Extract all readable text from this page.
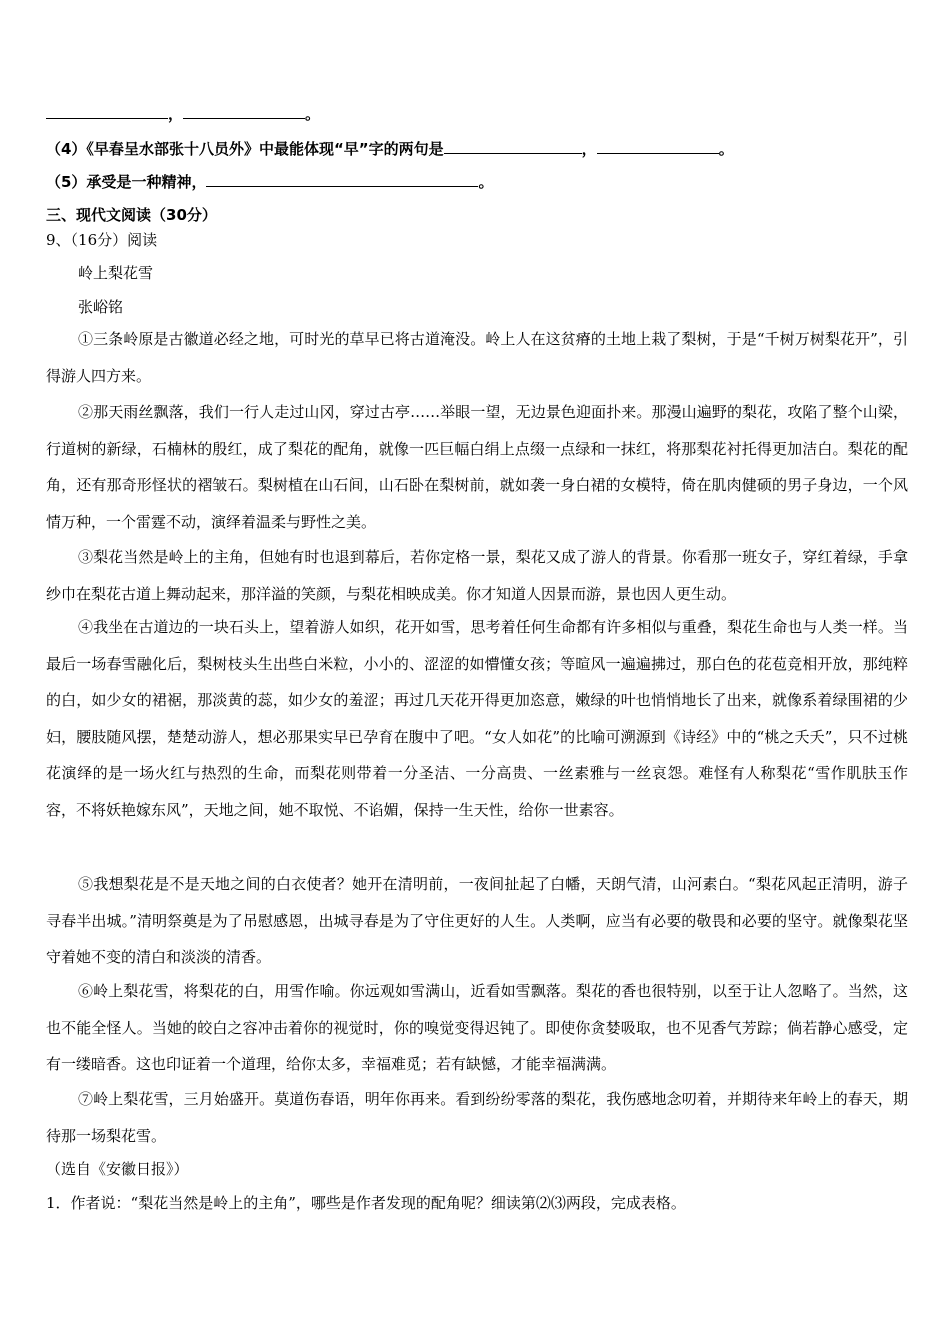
，	。
（4）《早春呈水部张十八员外》中最能体现“早”字的两句是	，	。
（5）承受是一种精神，	。
三、现代文阅读（30分）
9、（16分）阅读
岭上梨花雪
张峪铭
①三条岭原是古徽道必经之地，可时光的草早已将古道淹没。岭上人在这贫瘠的土地上栽了梨树，于是“千树万树梨花开”，引得游人四方来。
②那天雨丝飘落，我们一行人走过山冈，穿过古亭……举眼一望，无边景色迎面扑来。那漫山遍野的梨花，攻陷了整个山梁，行道树的新绿，石楠林的殷红，成了梨花的配角，就像一匹巨幅白绢上点缀一点绿和一抹红，将那梨花衬托得更加洁白。梨花的配角，还有那奇形怪状的褶皱石。梨树植在山石间，山石卧在梨树前，就如袭一身白裙的女模特，倚在肌肉健硕的男子身边，一个风情万种，一个雷霆不动，演绎着温柔与野性之美。
③梨花当然是岭上的主角，但她有时也退到幕后，若你定格一景，梨花又成了游人的背景。你看那一班女子，穿红着绿，手拿纱巾在梨花古道上舞动起来，那洋溢的笑颜，与梨花相映成美。你才知道人因景而游，景也因人更生动。
④我坐在古道边的一块石头上，望着游人如织，花开如雪，思考着任何生命都有许多相似与重叠，梨花生命也与人类一样。当最后一场春雪融化后，梨树枝头生出些白米粒，小小的、涩涩的如懵懂女孩；等暄风一遍遍拂过，那白色的花苞竞相开放，那纯粹的白，如少女的裙裾，那淡黄的蕊，如少女的羞涩；再过几天花开得更加恣意，嫩绿的叶也悄悄地长了出来，就像系着绿围裙的少妇，腰肢随风摆，楚楚动游人，想必那果实早已孕育在腹中了吧。“女人如花”的比喻可溯源到《诗经》中的“桃之夭夭”，只不过桃花演绎的是一场火红与热烈的生命，而梨花则带着一分圣洁、一分高贵、一丝素雅与一丝哀怨。难怪有人称梨花“雪作肌肤玉作容，不将妖艳嫁东风”，天地之间，她不取悦、不谄媚，保持一生天性，给你一世素容。
⑤我想梨花是不是天地之间的白衣使者？她开在清明前，一夜间扯起了白幡，天朗气清，山河素白。“梨花风起正清明，游子寻春半出城。”清明祭奠是为了吊慰感恩，出城寻春是为了守住更好的人生。人类啊，应当有必要的敬畏和必要的坚守。就像梨花坚守着她不变的清白和淡淡的清香。
⑥岭上梨花雪，将梨花的白，用雪作喻。你远观如雪满山，近看如雪飘落。梨花的香也很特别，以至于让人忽略了。当然，这也不能全怪人。当她的皎白之容冲击着你的视觉时，你的嗅觉变得迟钝了。即使你贪婪吸取，也不见香气芳踪；倘若静心感受，定有一缕暗香。这也印证着一个道理，给你太多，幸福难觅；若有缺憾，才能幸福满满。
⑦岭上梨花雪，三月始盛开。莫道伤春语，明年你再来。看到纷纷零落的梨花，我伤感地念叨着，并期待来年岭上的春天，期待那一场梨花雪。
（选自《安徽日报》）
1．作者说：“梨花当然是岭上的主角”，哪些是作者发现的配角呢？细读第⑵⑶两段，完成表格。
